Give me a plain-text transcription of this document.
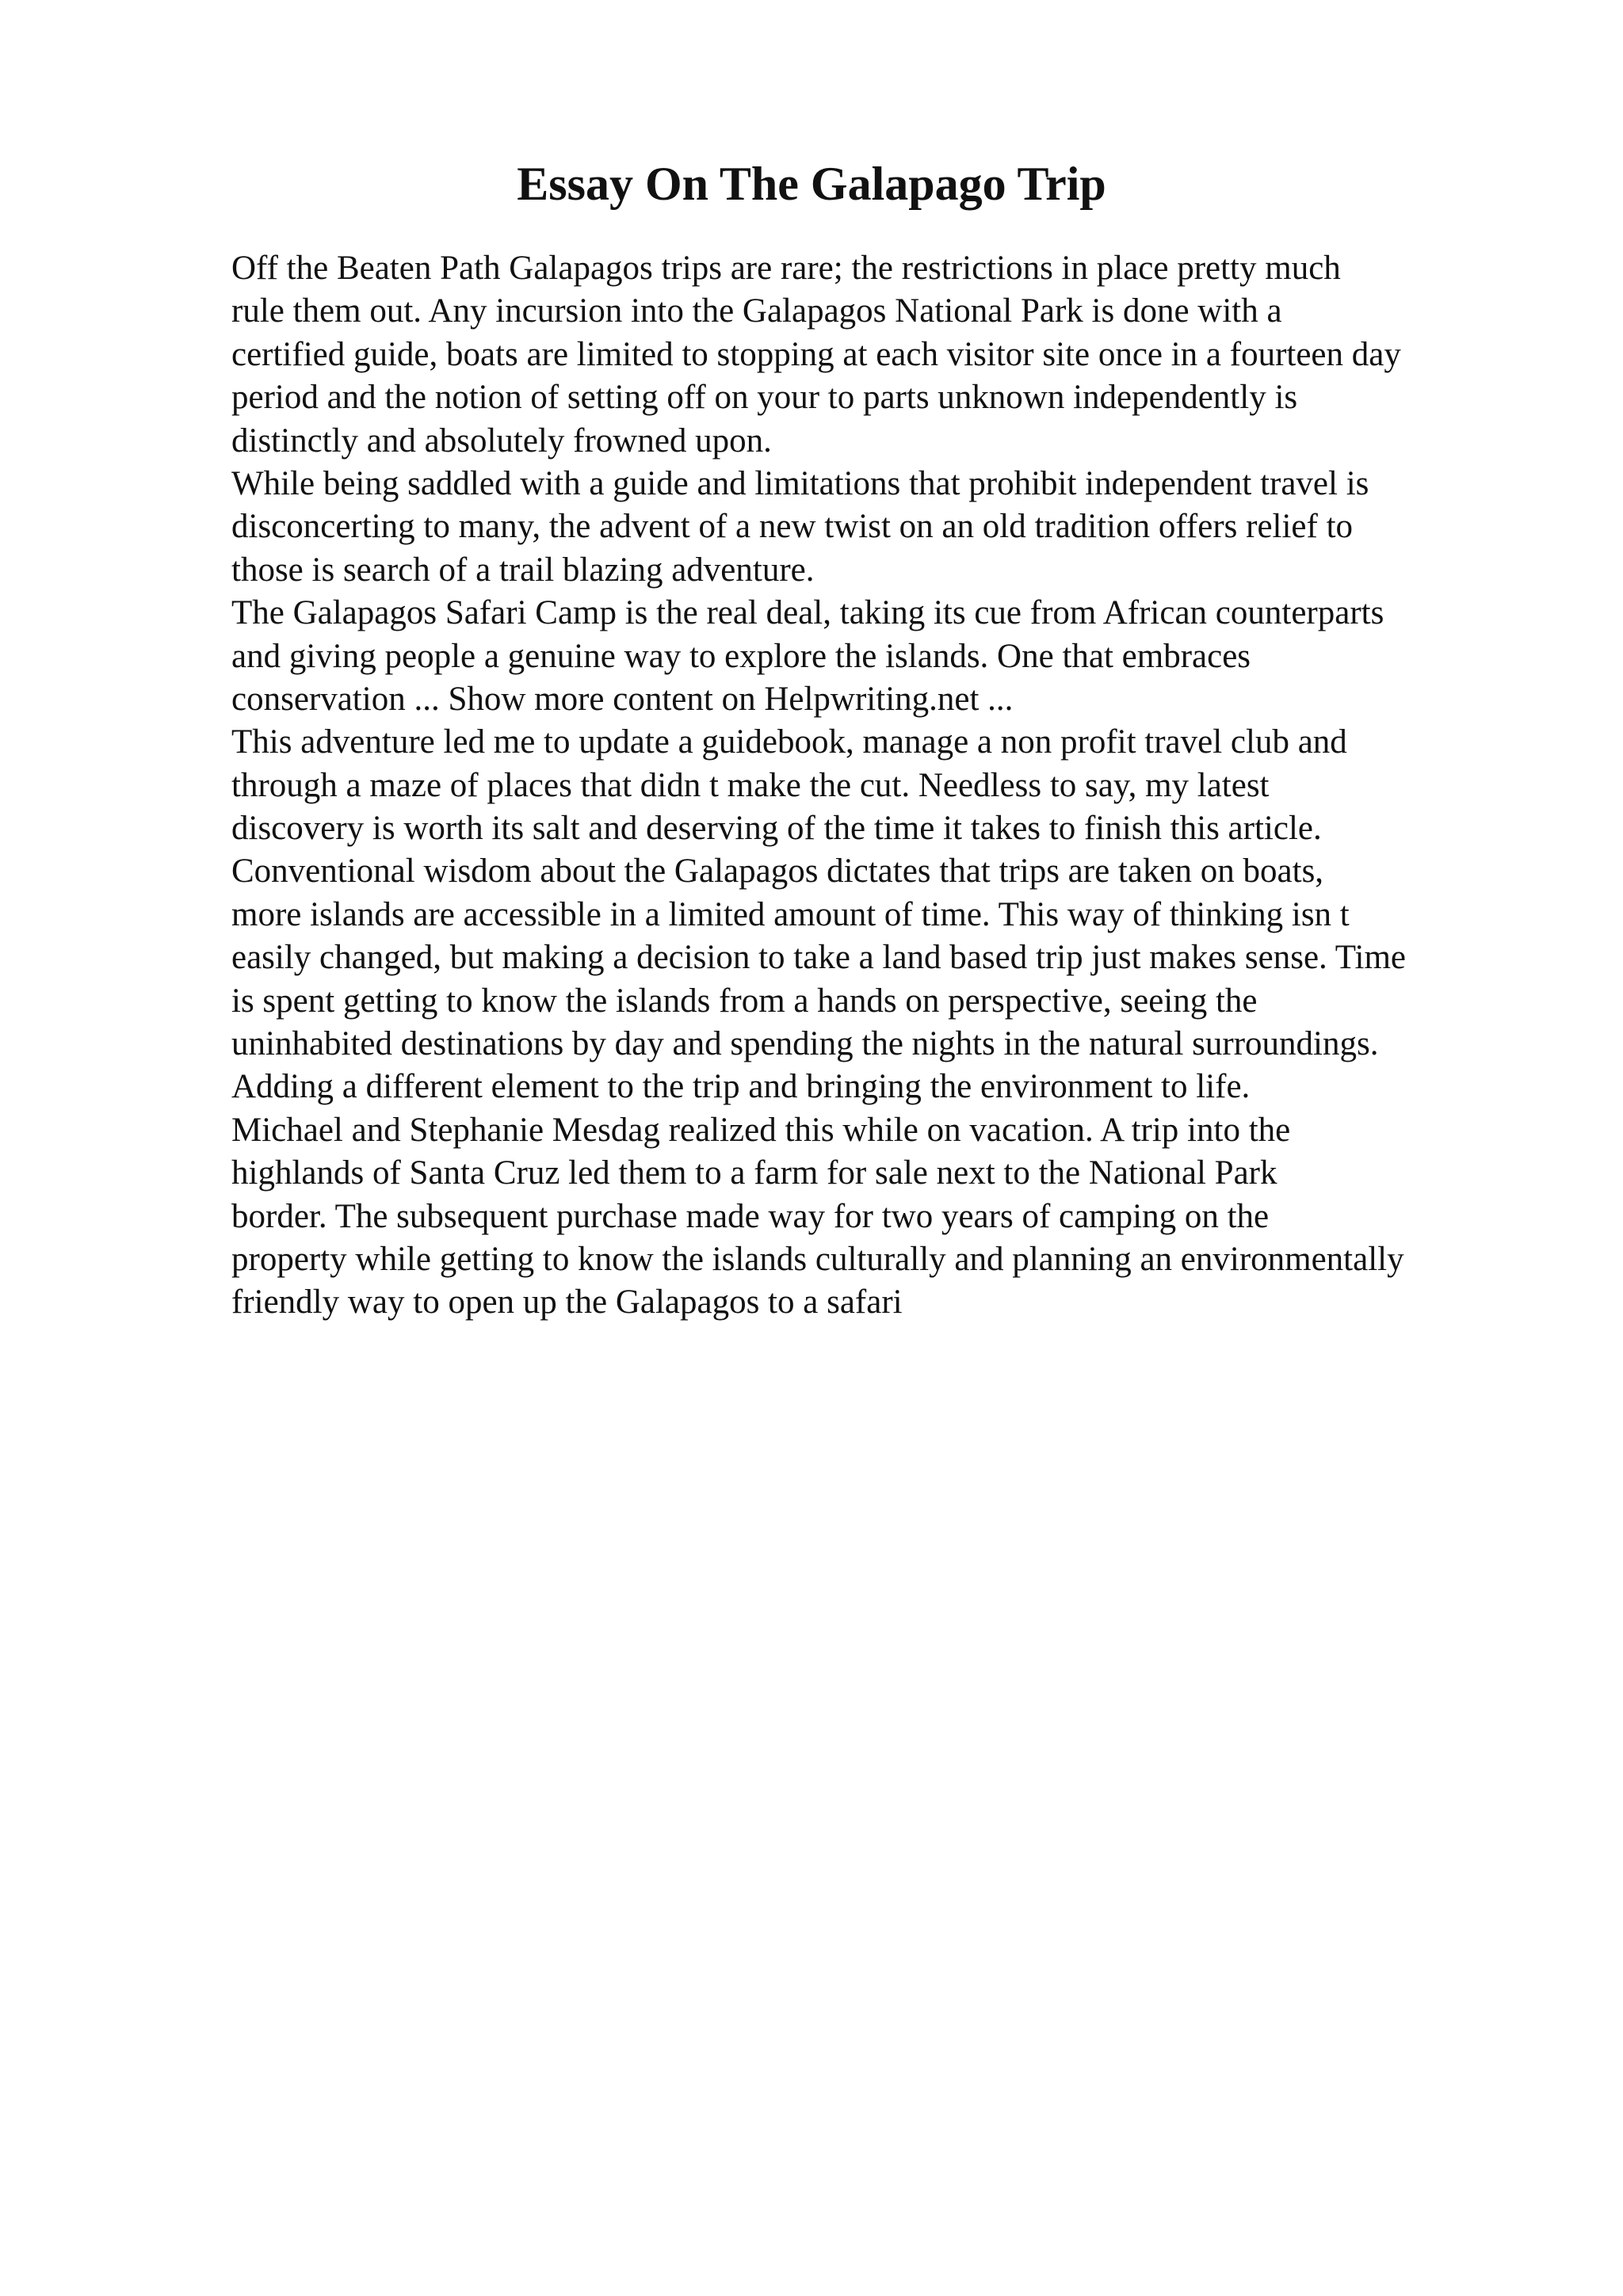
Essay On The Galapago Trip
Off the Beaten Path Galapagos trips are rare; the restrictions in place pretty much
rule them out. Any incursion into the Galapagos National Park is done with a
certified guide, boats are limited to stopping at each visitor site once in a fourteen day
period and the notion of setting off on your to parts unknown independently is
distinctly and absolutely frowned upon.
While being saddled with a guide and limitations that prohibit independent travel is
disconcerting to many, the advent of a new twist on an old tradition offers relief to
those is search of a trail blazing adventure.
The Galapagos Safari Camp is the real deal, taking its cue from African counterparts
and giving people a genuine way to explore the islands. One that embraces
conservation ... Show more content on Helpwriting.net ...
This adventure led me to update a guidebook, manage a non profit travel club and
through a maze of places that didn t make the cut. Needless to say, my latest
discovery is worth its salt and deserving of the time it takes to finish this article.
Conventional wisdom about the Galapagos dictates that trips are taken on boats,
more islands are accessible in a limited amount of time. This way of thinking isn t
easily changed, but making a decision to take a land based trip just makes sense. Time
is spent getting to know the islands from a hands on perspective, seeing the
uninhabited destinations by day and spending the nights in the natural surroundings.
Adding a different element to the trip and bringing the environment to life.
Michael and Stephanie Mesdag realized this while on vacation. A trip into the
highlands of Santa Cruz led them to a farm for sale next to the National Park
border. The subsequent purchase made way for two years of camping on the
property while getting to know the islands culturally and planning an environmentally
friendly way to open up the Galapagos to a safari
